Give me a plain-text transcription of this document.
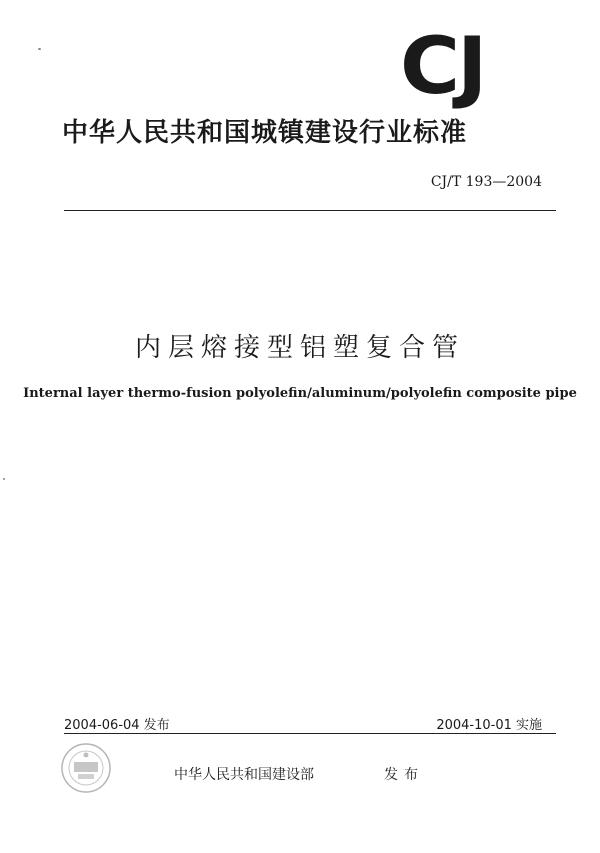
CJ
中华人民共和国城镇建设行业标准
CJ/T 193—2004
内层熔接型铝塑复合管
Internal layer thermo-fusion polyolefin/aluminum/polyolefin composite pipe
2004-06-04 发布	2004-10-01 实施
中华人民共和国建设部	发布
